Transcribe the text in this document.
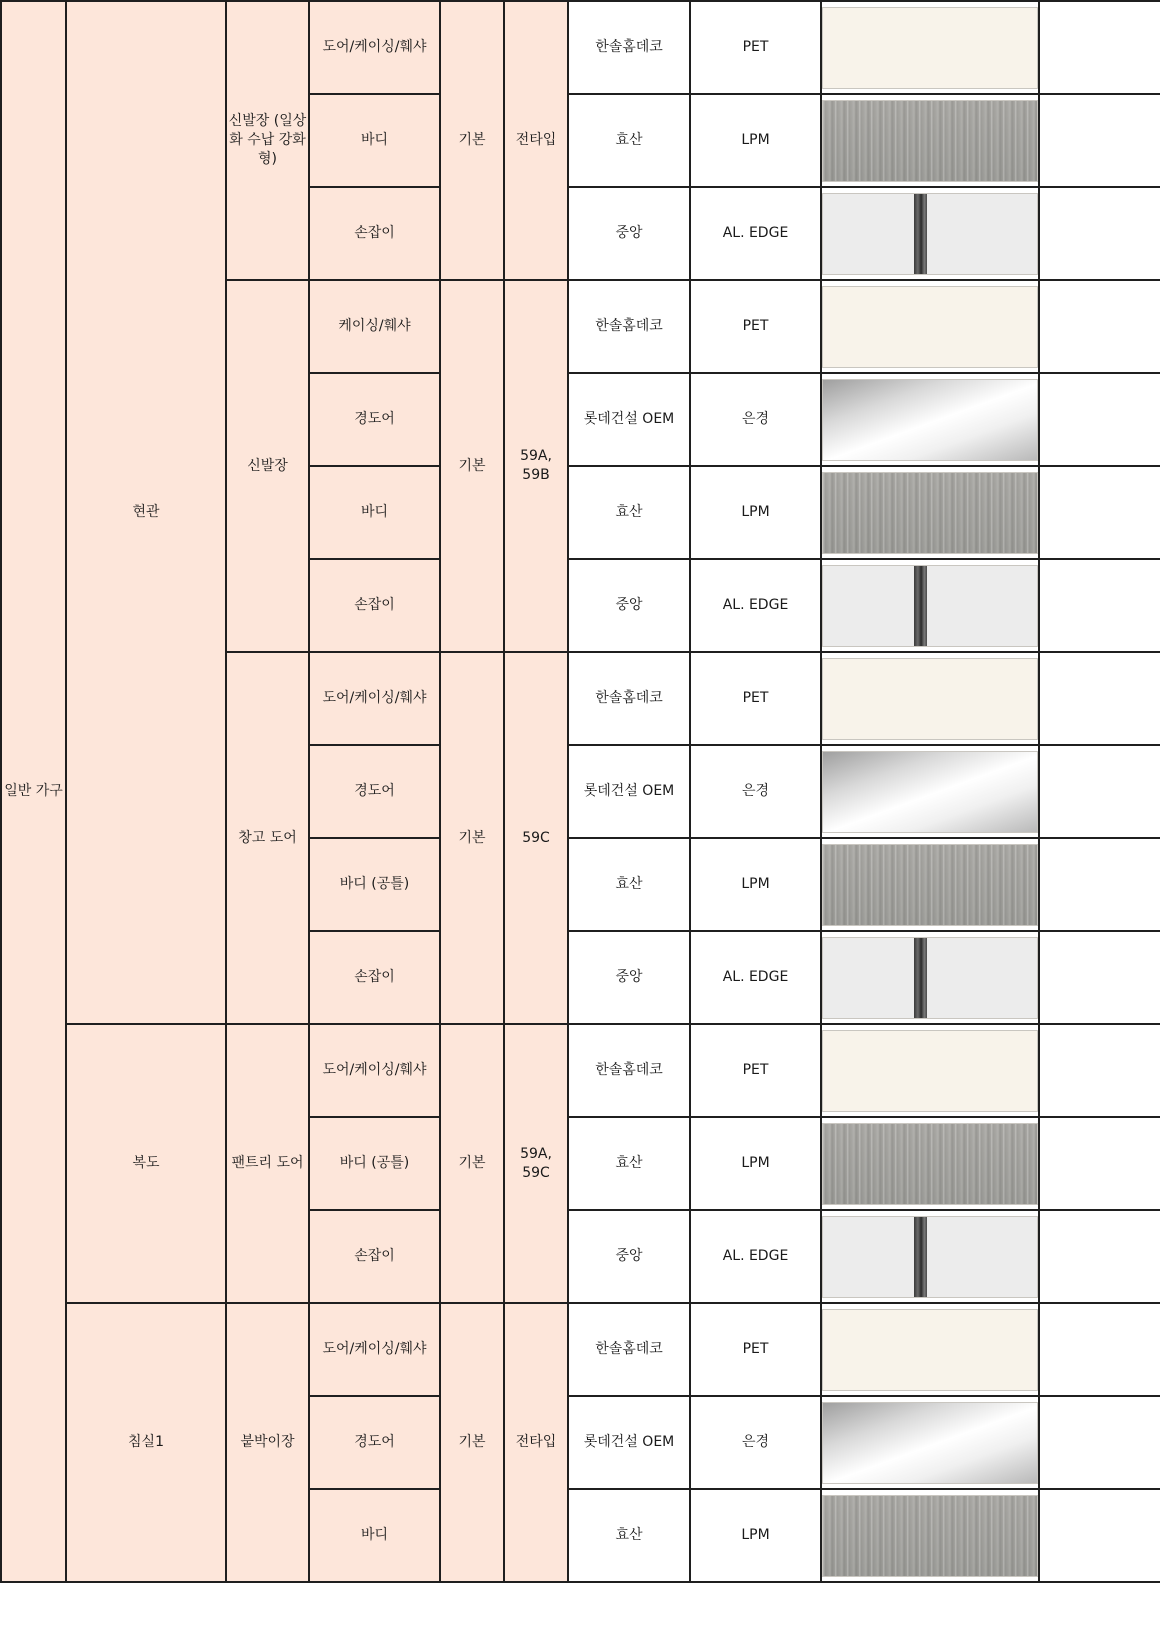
일반 가구	현관	신발장 (일상화 수납 강화형)	도어/케이싱/훼샤	기본	전타입	한솔홈데코	PET	

			바디			효산	LPM	

			손잡이			중앙	AL. EDGE	

		신발장	케이싱/훼샤	기본	59A, 59B	한솔홈데코	PET	

			경도어			롯데건설 OEM	은경	

			바디			효산	LPM	

			손잡이			중앙	AL. EDGE	

		창고 도어	도어/케이싱/훼샤	기본	59C	한솔홈데코	PET	

			경도어			롯데건설 OEM	은경	

			바디 (공틀)			효산	LPM	

			손잡이			중앙	AL. EDGE	

	복도	팬트리 도어	도어/케이싱/훼샤	기본	59A, 59C	한솔홈데코	PET	

			바디 (공틀)			효산	LPM	

			손잡이			중앙	AL. EDGE	

	침실1	붙박이장	도어/케이싱/훼샤	기본	전타입	한솔홈데코	PET	

			경도어			롯데건설 OEM	은경	

			바디			효산	LPM	
